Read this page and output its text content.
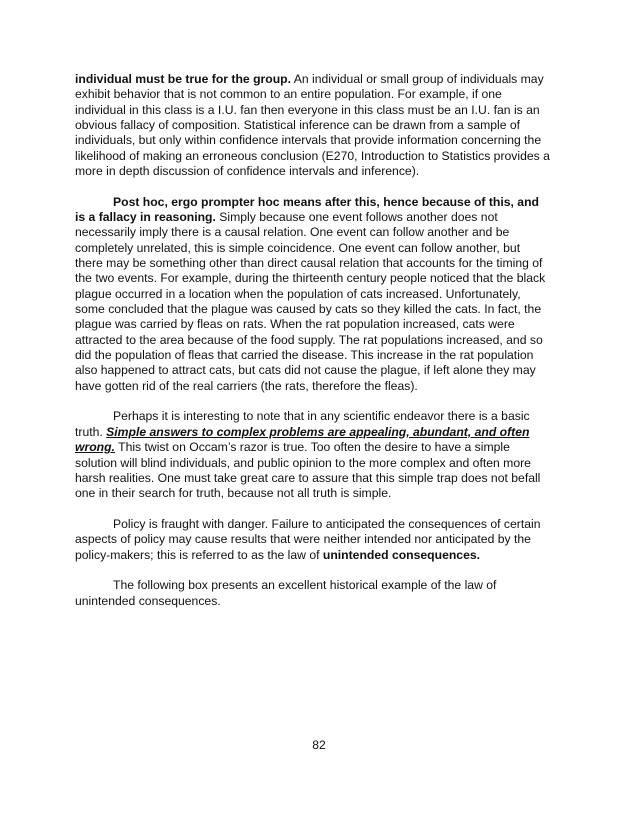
individual must be true for the group. An individual or small group of individuals may
exhibit behavior that is not common to an entire population. For example, if one
individual in this class is a I.U. fan then everyone in this class must be an I.U. fan is an
obvious fallacy of composition. Statistical inference can be drawn from a sample of
individuals, but only within confidence intervals that provide information concerning the
likelihood of making an erroneous conclusion (E270, Introduction to Statistics provides a
more in depth discussion of confidence intervals and inference).
Post hoc, ergo prompter hoc means after this, hence because of this, and
is a fallacy in reasoning. Simply because one event follows another does not
necessarily imply there is a causal relation. One event can follow another and be
completely unrelated, this is simple coincidence. One event can follow another, but
there may be something other than direct causal relation that accounts for the timing of
the two events. For example, during the thirteenth century people noticed that the black
plague occurred in a location when the population of cats increased. Unfortunately,
some concluded that the plague was caused by cats so they killed the cats. In fact, the
plague was carried by fleas on rats. When the rat population increased, cats were
attracted to the area because of the food supply. The rat populations increased, and so
did the population of fleas that carried the disease. This increase in the rat population
also happened to attract cats, but cats did not cause the plague, if left alone they may
have gotten rid of the real carriers (the rats, therefore the fleas).
Perhaps it is interesting to note that in any scientific endeavor there is a basic
truth. Simple answers to complex problems are appealing, abundant, and often
wrong. This twist on Occam’s razor is true. Too often the desire to have a simple
solution will blind individuals, and public opinion to the more complex and often more
harsh realities. One must take great care to assure that this simple trap does not befall
one in their search for truth, because not all truth is simple.
Policy is fraught with danger. Failure to anticipated the consequences of certain
aspects of policy may cause results that were neither intended nor anticipated by the
policy-makers; this is referred to as the law of unintended consequences.
The following box presents an excellent historical example of the law of
unintended consequences.
82
